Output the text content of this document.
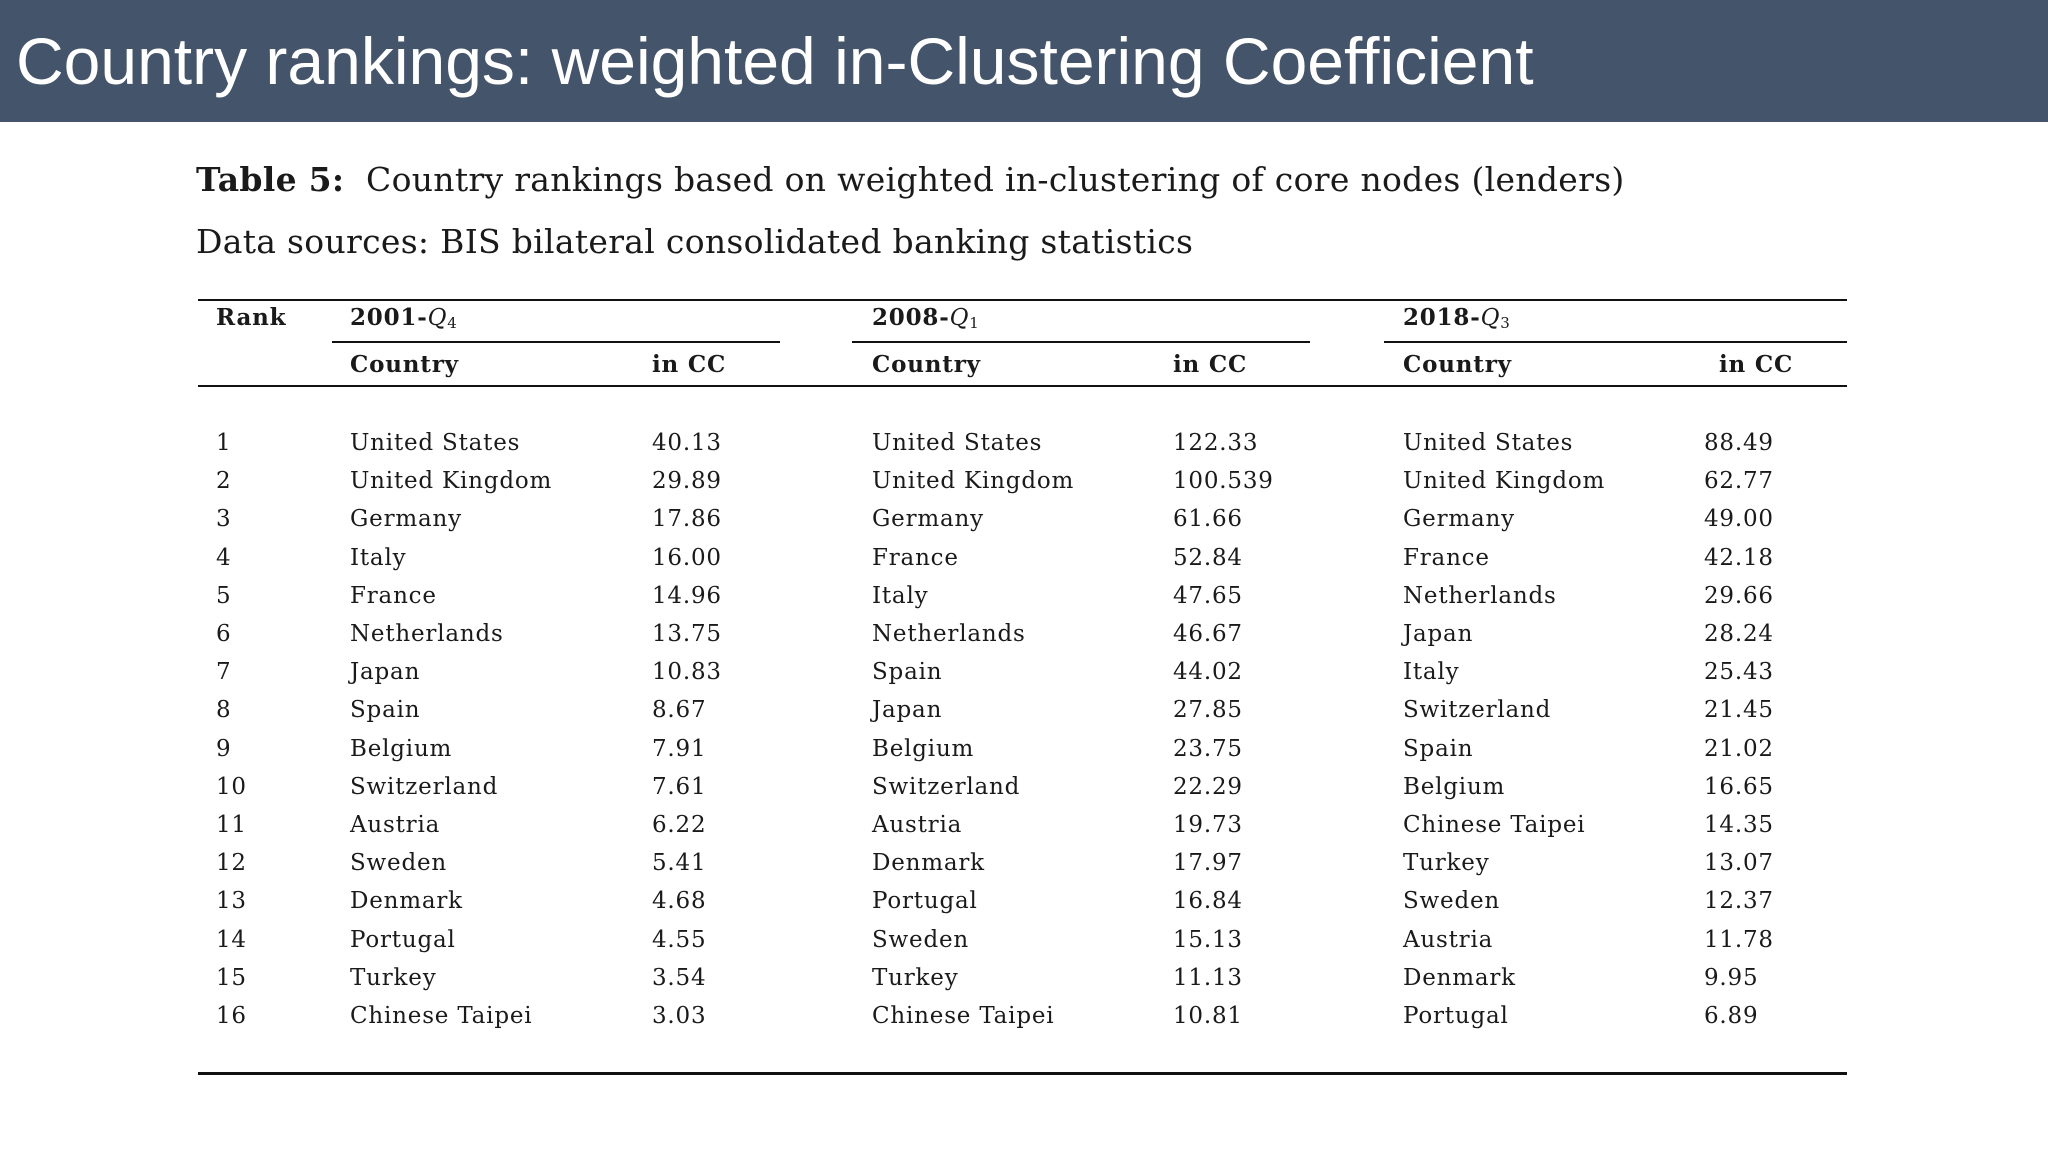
Country rankings: weighted in-Clustering Coefficient
Table 5: Country rankings based on weighted in-clustering of core nodes (lenders)
Data sources: BIS bilateral consolidated banking statistics
Rank	$2001-Q_4$	$2008-Q_1$	$2018-Q_3$
Country	in CC	Country	in CC	Country	in CC
1	United States	40.13	United States	122.33	United States	88.49
2	United Kingdom	29.89	United Kingdom	100.539	United Kingdom	62.77
3	Germany	17.86	Germany	61.66	Germany	49.00
4	Italy	16.00	France	52.84	France	42.18
5	France	14.96	Italy	47.65	Netherlands	29.66
6	Netherlands	13.75	Netherlands	46.67	Japan	28.24
7	Japan	10.83	Spain	44.02	Italy	25.43
8	Spain	8.67	Japan	27.85	Switzerland	21.45
9	Belgium	7.91	Belgium	23.75	Spain	21.02
10	Switzerland	7.61	Switzerland	22.29	Belgium	16.65
11	Austria	6.22	Austria	19.73	Chinese Taipei	14.35
12	Sweden	5.41	Denmark	17.97	Turkey	13.07
13	Denmark	4.68	Portugal	16.84	Sweden	12.37
14	Portugal	4.55	Sweden	15.13	Austria	11.78
15	Turkey	3.54	Turkey	11.13	Denmark	9.95
16	Chinese Taipei	3.03	Chinese Taipei	10.81	Portugal	6.89
